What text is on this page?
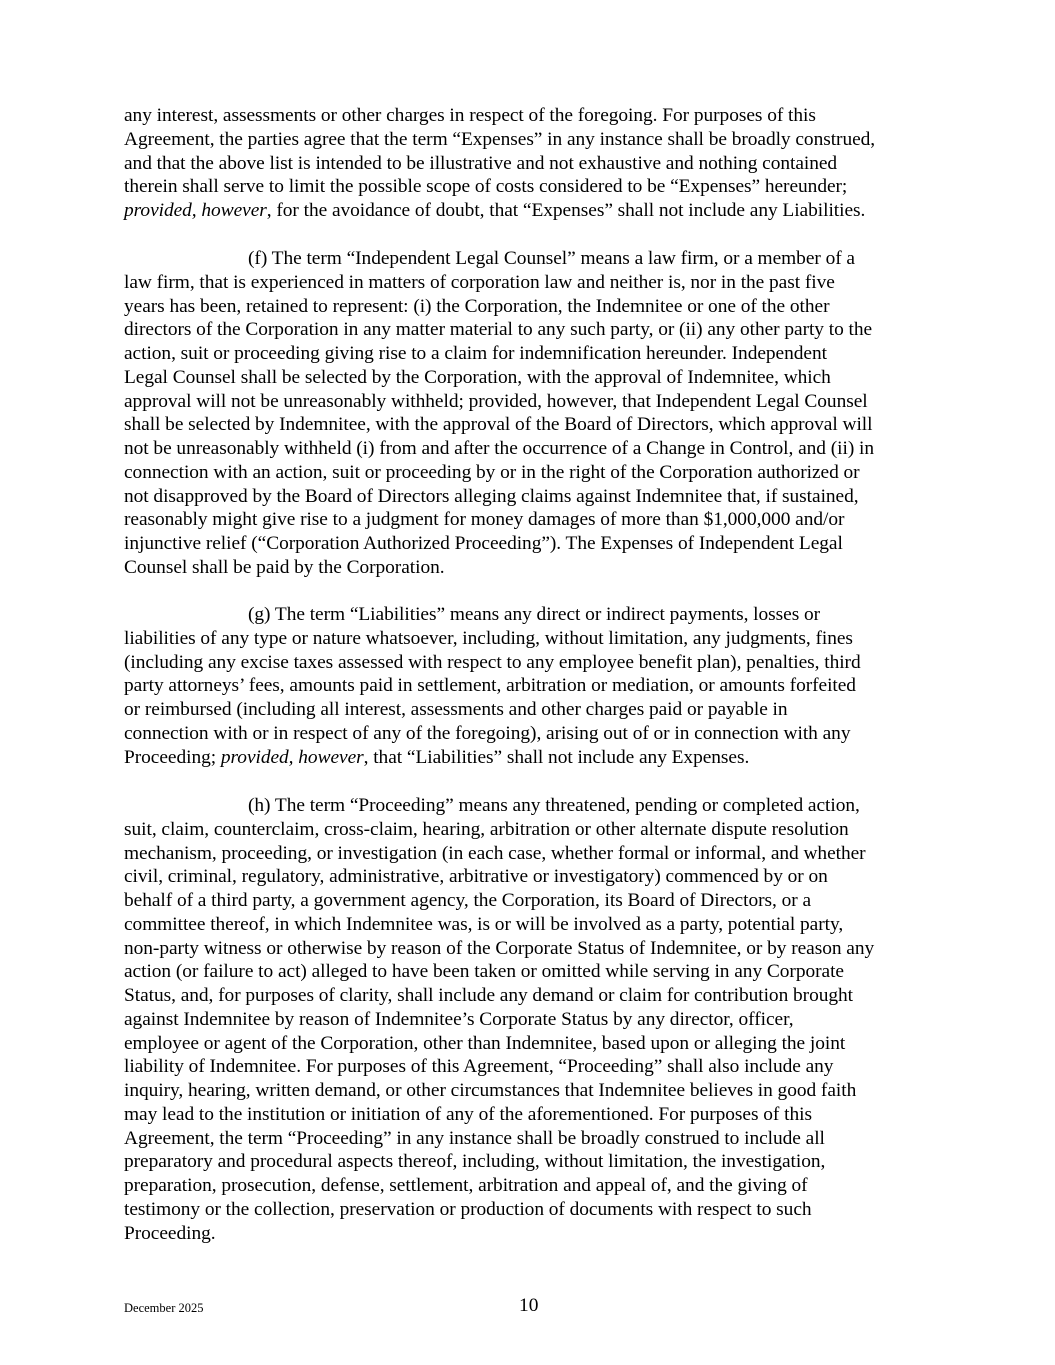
any interest, assessments or other charges in respect of the foregoing. For purposes of this
Agreement, the parties agree that the term “Expenses” in any instance shall be broadly construed,
and that the above list is intended to be illustrative and not exhaustive and nothing contained
therein shall serve to limit the possible scope of costs considered to be “Expenses” hereunder;
provided, however, for the avoidance of doubt, that “Expenses” shall not include any Liabilities.
(f) The term “Independent Legal Counsel” means a law firm, or a member of a
law firm, that is experienced in matters of corporation law and neither is, nor in the past five
years has been, retained to represent: (i) the Corporation, the Indemnitee or one of the other
directors of the Corporation in any matter material to any such party, or (ii) any other party to the
action, suit or proceeding giving rise to a claim for indemnification hereunder. Independent
Legal Counsel shall be selected by the Corporation, with the approval of Indemnitee, which
approval will not be unreasonably withheld; provided, however, that Independent Legal Counsel
shall be selected by Indemnitee, with the approval of the Board of Directors, which approval will
not be unreasonably withheld (i) from and after the occurrence of a Change in Control, and (ii) in
connection with an action, suit or proceeding by or in the right of the Corporation authorized or
not disapproved by the Board of Directors alleging claims against Indemnitee that, if sustained,
reasonably might give rise to a judgment for money damages of more than $1,000,000 and/or
injunctive relief (“Corporation Authorized Proceeding”). The Expenses of Independent Legal
Counsel shall be paid by the Corporation.
(g) The term “Liabilities” means any direct or indirect payments, losses or
liabilities of any type or nature whatsoever, including, without limitation, any judgments, fines
(including any excise taxes assessed with respect to any employee benefit plan), penalties, third
party attorneys’ fees, amounts paid in settlement, arbitration or mediation, or amounts forfeited
or reimbursed (including all interest, assessments and other charges paid or payable in
connection with or in respect of any of the foregoing), arising out of or in connection with any
Proceeding; provided, however, that “Liabilities” shall not include any Expenses.
(h) The term “Proceeding” means any threatened, pending or completed action,
suit, claim, counterclaim, cross-claim, hearing, arbitration or other alternate dispute resolution
mechanism, proceeding, or investigation (in each case, whether formal or informal, and whether
civil, criminal, regulatory, administrative, arbitrative or investigatory) commenced by or on
behalf of a third party, a government agency, the Corporation, its Board of Directors, or a
committee thereof, in which Indemnitee was, is or will be involved as a party, potential party,
non-party witness or otherwise by reason of the Corporate Status of Indemnitee, or by reason any
action (or failure to act) alleged to have been taken or omitted while serving in any Corporate
Status, and, for purposes of clarity, shall include any demand or claim for contribution brought
against Indemnitee by reason of Indemnitee’s Corporate Status by any director, officer,
employee or agent of the Corporation, other than Indemnitee, based upon or alleging the joint
liability of Indemnitee. For purposes of this Agreement, “Proceeding” shall also include any
inquiry, hearing, written demand, or other circumstances that Indemnitee believes in good faith
may lead to the institution or initiation of any of the aforementioned. For purposes of this
Agreement, the term “Proceeding” in any instance shall be broadly construed to include all
preparatory and procedural aspects thereof, including, without limitation, the investigation,
preparation, prosecution, defense, settlement, arbitration and appeal of, and the giving of
testimony or the collection, preservation or production of documents with respect to such
Proceeding.
December 2025	10
